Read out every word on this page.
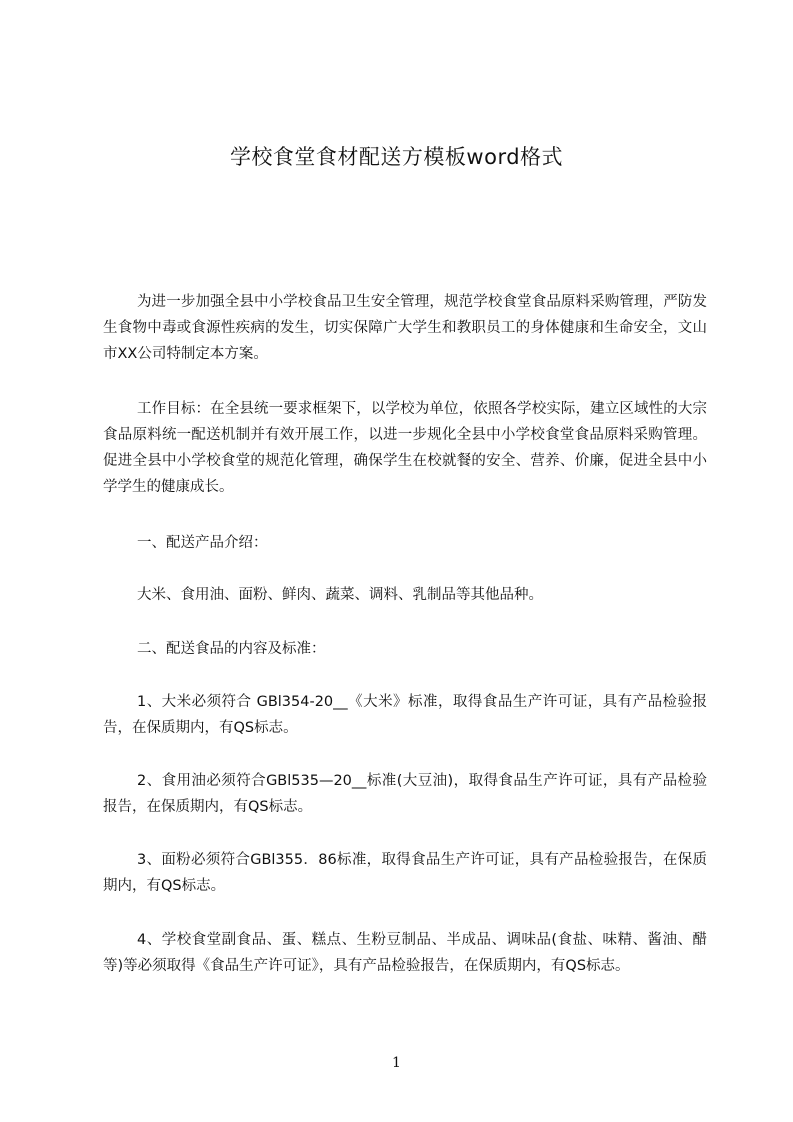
学校食堂食材配送方模板word格式

为进一步加强全县中小学校食品卫生安全管理，规范学校食堂食品原料采购管理，严防发生食物中毒或食源性疾病的发生，切实保障广大学生和教职员工的身体健康和生命安全，文山市XX公司特制定本方案。

工作目标：在全县统一要求框架下，以学校为单位，依照各学校实际，建立区域性的大宗食品原料统一配送机制并有效开展工作，以进一步规化全县中小学校食堂食品原料采购管理。促进全县中小学校食堂的规范化管理，确保学生在校就餐的安全、营养、价廉，促进全县中小学学生的健康成长。

一、配送产品介绍：

大米、食用油、面粉、鲜肉、蔬菜、调料、乳制品等其他品种。

二、配送食品的内容及标准：

1、大米必须符合 GBl354-20__《大米》标准，取得食品生产许可证，具有产品检验报告，在保质期内，有QS标志。

2、食用油必须符合GBl535—20__标准(大豆油)，取得食品生产许可证，具有产品检验报告，在保质期内，有QS标志。

3、面粉必须符合GBl355．86标准，取得食品生产许可证，具有产品检验报告，在保质期内，有QS标志。

4、学校食堂副食品、蛋、糕点、生粉豆制品、半成品、调味品(食盐、味精、酱油、醋等)等必须取得《食品生产许可证》，具有产品检验报告，在保质期内，有QS标志。

1
